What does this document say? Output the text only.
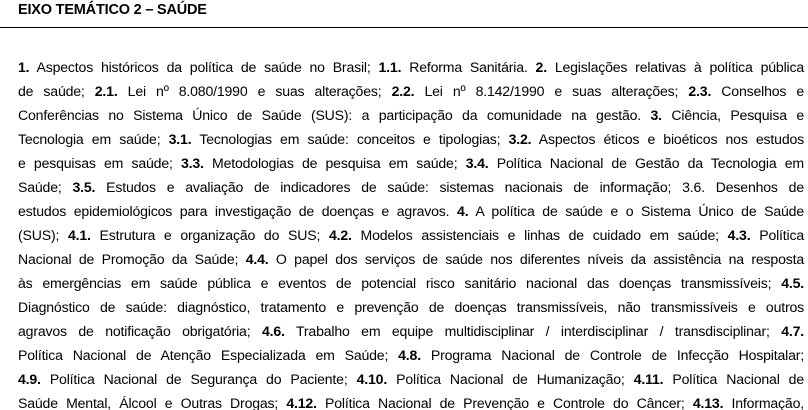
EIXO TEMÁTICO 2 – SAÚDE
1. Aspectos históricos da política de saúde no Brasil; 1.1. Reforma Sanitária. 2. Legislações relativas à política pública
de saúde; 2.1. Lei nº 8.080/1990 e suas alterações; 2.2. Lei nº 8.142/1990 e suas alterações; 2.3. Conselhos e
Conferências no Sistema Único de Saúde (SUS): a participação da comunidade na gestão. 3. Ciência, Pesquisa e
Tecnologia em saúde; 3.1. Tecnologias em saúde: conceitos e tipologias; 3.2. Aspectos éticos e bioéticos nos estudos
e pesquisas em saúde; 3.3. Metodologias de pesquisa em saúde; 3.4. Política Nacional de Gestão da Tecnologia em
Saúde; 3.5. Estudos e avaliação de indicadores de saúde: sistemas nacionais de informação; 3.6. Desenhos de
estudos epidemiológicos para investigação de doenças e agravos. 4. A política de saúde e o Sistema Único de Saúde
(SUS); 4.1. Estrutura e organização do SUS; 4.2. Modelos assistenciais e linhas de cuidado em saúde; 4.3. Política
Nacional de Promoção da Saúde; 4.4. O papel dos serviços de saúde nos diferentes níveis da assistência na resposta
às emergências em saúde pública e eventos de potencial risco sanitário nacional das doenças transmissíveis; 4.5.
Diagnóstico de saúde: diagnóstico, tratamento e prevenção de doenças transmissíveis, não transmissíveis e outros
agravos de notificação obrigatória; 4.6. Trabalho em equipe multidisciplinar / interdisciplinar / transdisciplinar; 4.7.
Política Nacional de Atenção Especializada em Saúde; 4.8. Programa Nacional de Controle de Infecção Hospitalar;
4.9. Política Nacional de Segurança do Paciente; 4.10. Política Nacional de Humanização; 4.11. Política Nacional de
Saúde Mental, Álcool e Outras Drogas; 4.12. Política Nacional de Prevenção e Controle do Câncer; 4.13. Informação,
